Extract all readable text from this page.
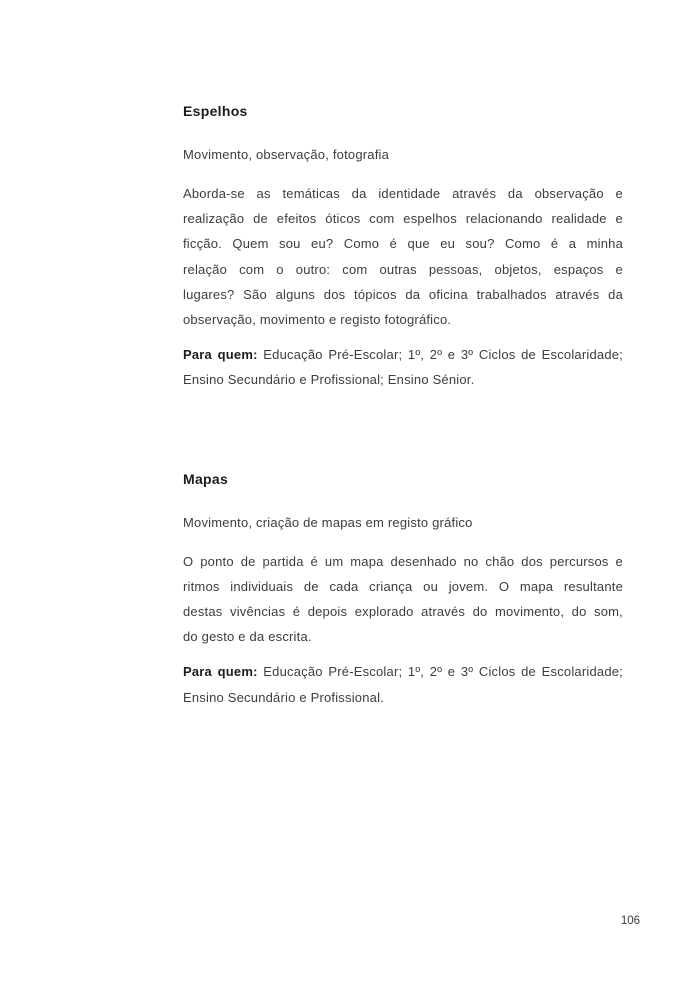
Espelhos
Movimento, observação, fotografia
Aborda-se as temáticas da identidade através da observação e
realização de efeitos óticos com espelhos relacionando realidade e
ficção. Quem sou eu? Como é que eu sou? Como é a minha
relação com o outro: com outras pessoas, objetos, espaços e
lugares? São alguns dos tópicos da oficina trabalhados através da
observação, movimento e registo fotográfico.
Para quem: Educação Pré-Escolar; 1º, 2º e 3º Ciclos de Escolaridade;
Ensino Secundário e Profissional; Ensino Sénior.
Mapas
Movimento, criação de mapas em registo gráfico
O ponto de partida é um mapa desenhado no chão dos percursos e
ritmos individuais de cada criança ou jovem. O mapa resultante
destas vivências é depois explorado através do movimento, do som,
do gesto e da escrita.
Para quem: Educação Pré-Escolar; 1º, 2º e 3º Ciclos de Escolaridade;
Ensino Secundário e Profissional.
106
